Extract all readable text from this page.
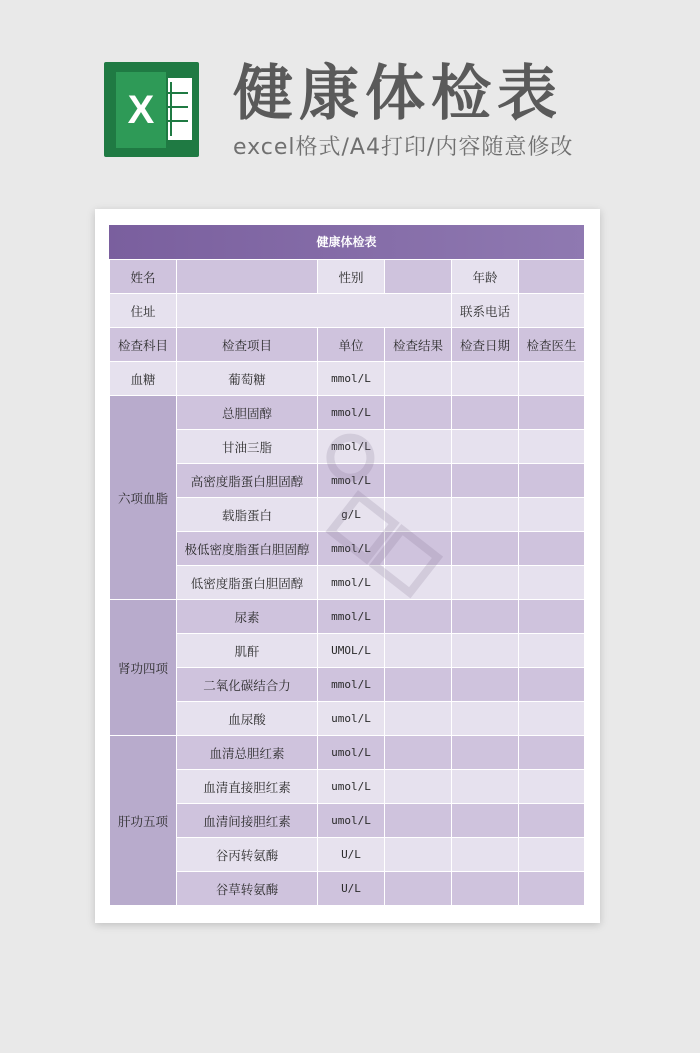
X 健康体检表
excel格式/A4打印/内容随意修改
健康体检表
姓名		性别		年龄	
住址				联系电话	
检查科目	检查项目	单位	检查结果	检查日期	检查医生
血糖	葡萄糖	mmol/L			
六项血脂	总胆固醇	mmol/L			
	甘油三脂	mmol/L			
	高密度脂蛋白胆固醇	mmol/L			
	载脂蛋白	g/L			
	极低密度脂蛋白胆固醇	mmol/L			
	低密度脂蛋白胆固醇	mmol/L			
肾功四项	尿素	mmol/L			
	肌酐	UMOL/L			
	二氧化碳结合力	mmol/L			
	血尿酸	umol/L			
肝功五项	血清总胆红素	umol/L			
	血清直接胆红素	umol/L			
	血清间接胆红素	umol/L			
	谷丙转氨酶	U/L			
	谷草转氨酶	U/L			
